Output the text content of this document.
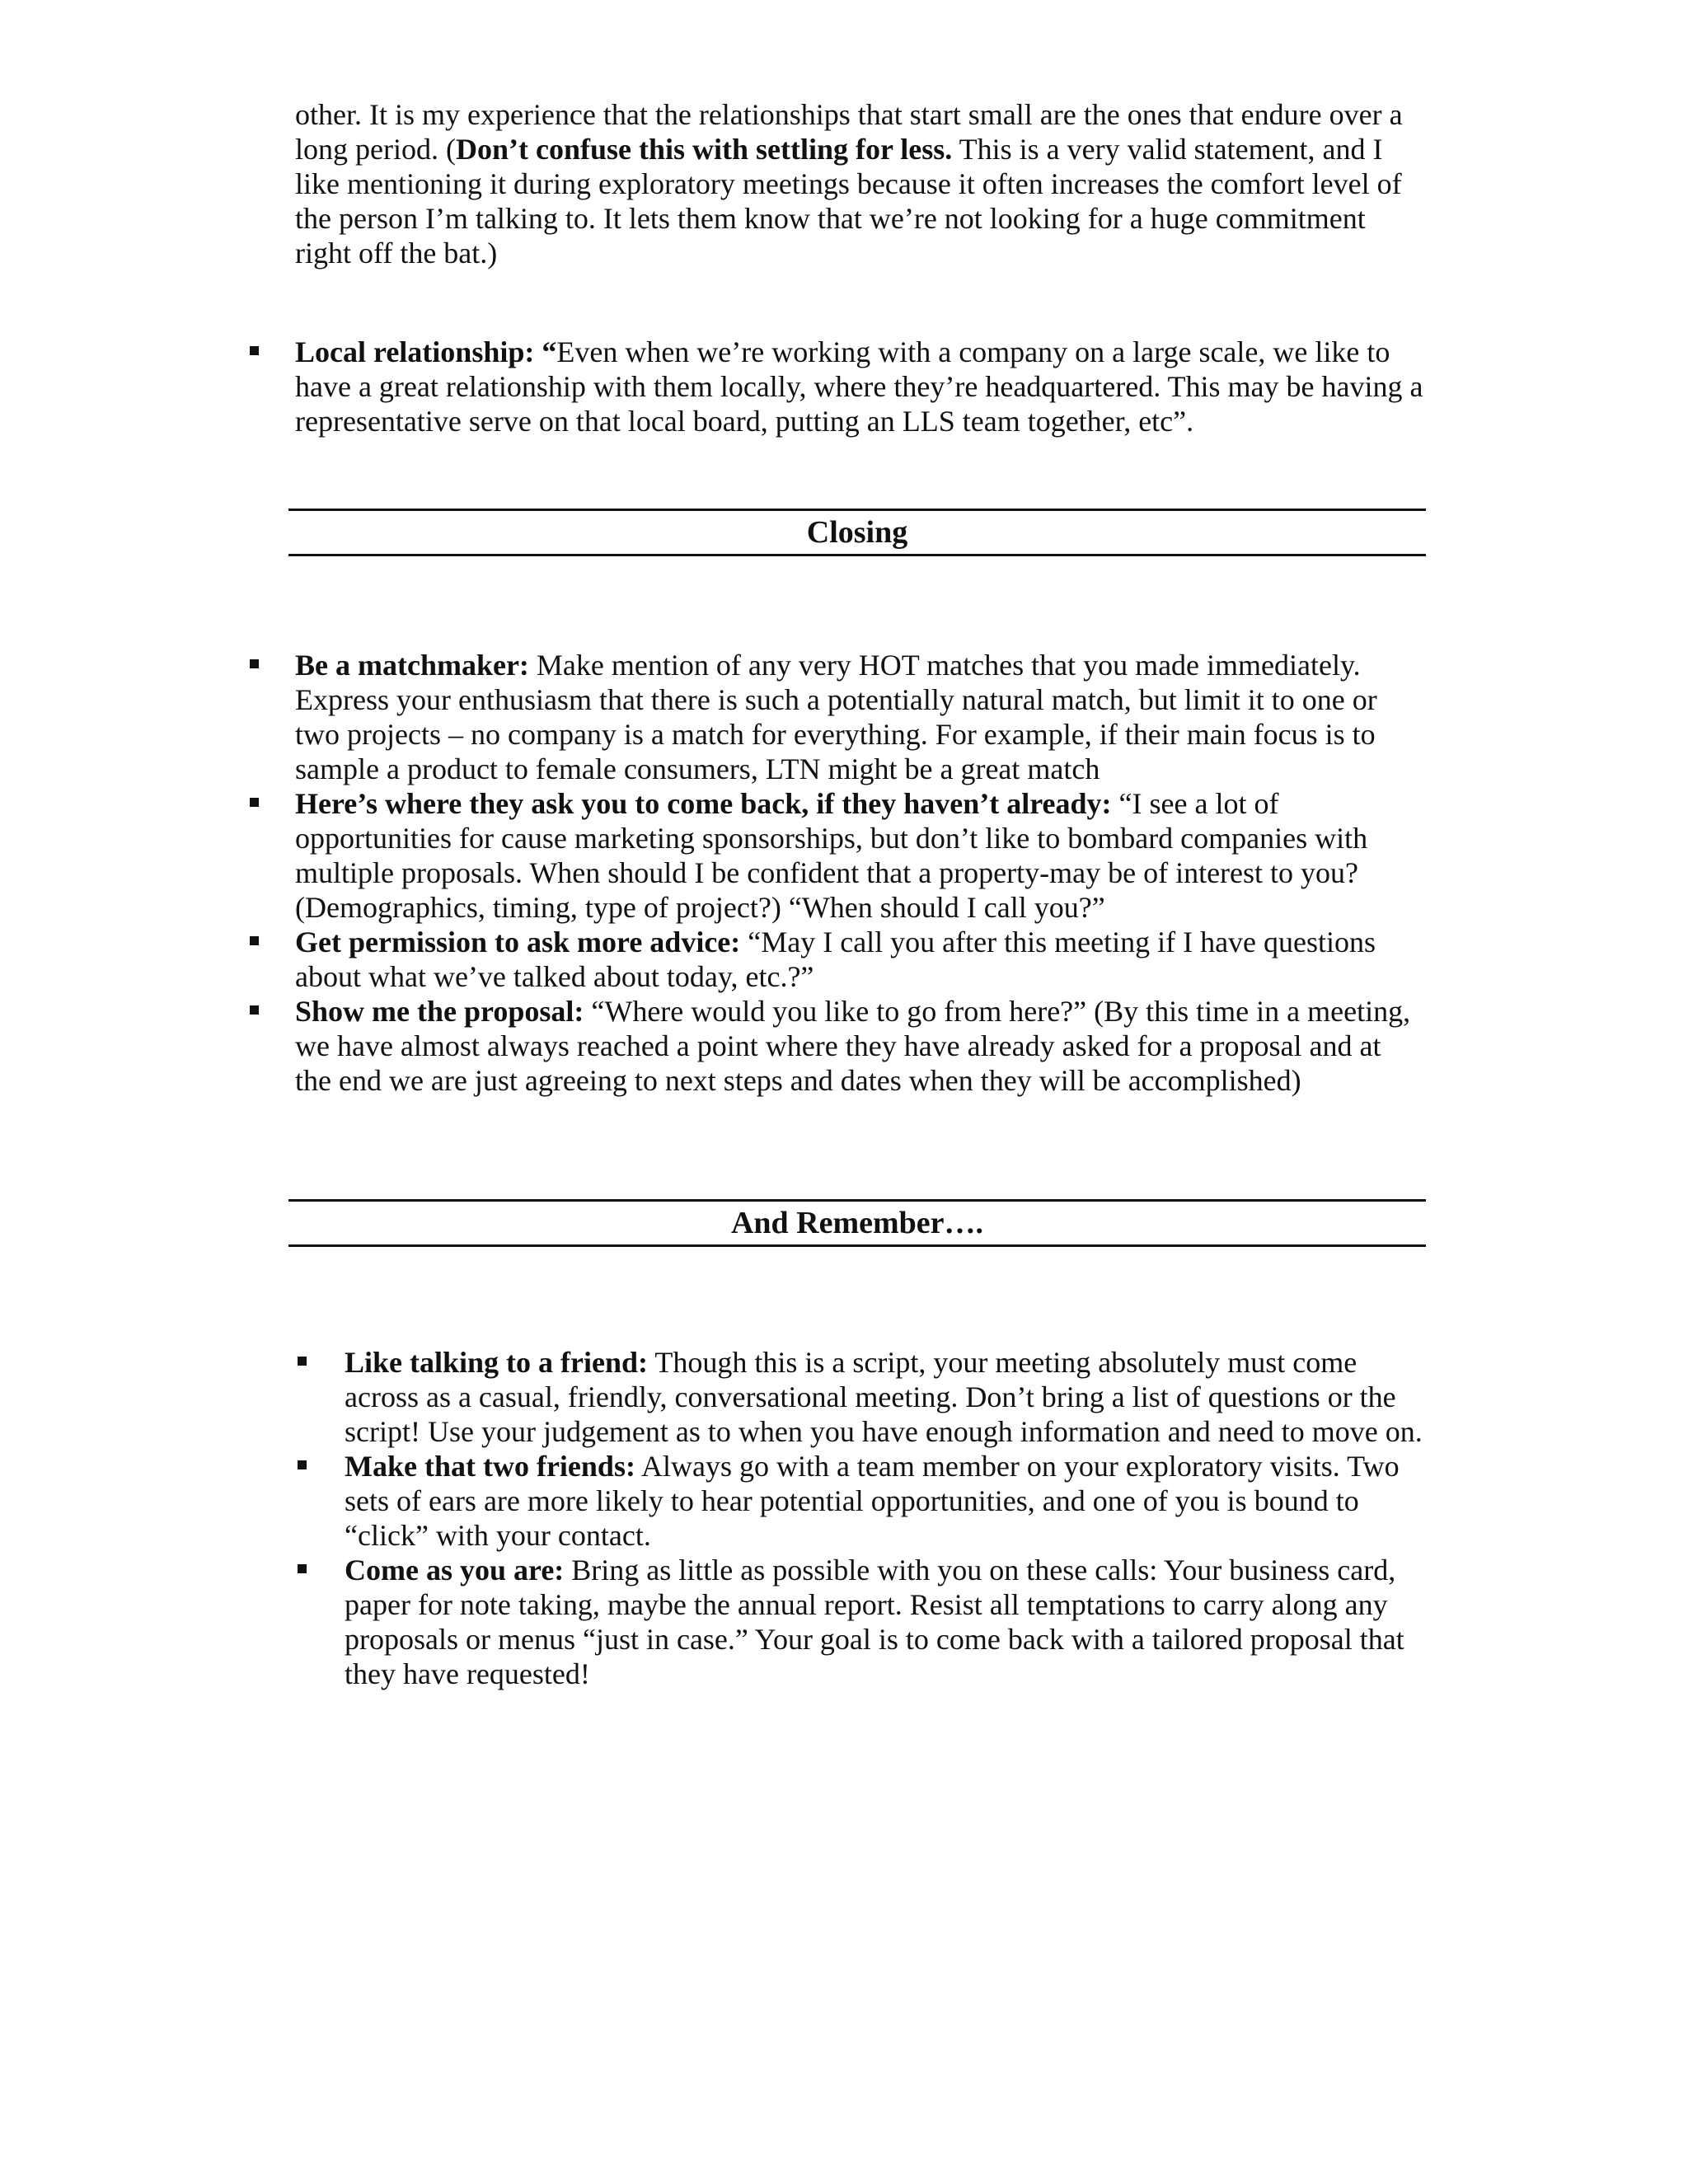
other. It is my experience that the relationships that start small are the ones that endure over a long period. (Don’t confuse this with settling for less. This is a very valid statement, and I like mentioning it during exploratory meetings because it often increases the comfort level of the person I’m talking to. It lets them know that we’re not looking for a huge commitment right off the bat.)

Local relationship: “Even when we’re working with a company on a large scale, we like to have a great relationship with them locally, where they’re headquartered. This may be having a representative serve on that local board, putting an LLS team together, etc”.
Closing
Be a matchmaker: Make mention of any very HOT matches that you made immediately. Express your enthusiasm that there is such a potentially natural match, but limit it to one or two projects – no company is a match for everything. For example, if their main focus is to sample a product to female consumers, LTN might be a great match
Here’s where they ask you to come back, if they haven’t already: “I see a lot of opportunities for cause marketing sponsorships, but don’t like to bombard companies with multiple proposals. When should I be confident that a property-may be of interest to you? (Demographics, timing, type of project?) “When should I call you?”
Get permission to ask more advice: “May I call you after this meeting if I have questions about what we’ve talked about today, etc.?”
Show me the proposal: “Where would you like to go from here?” (By this time in a meeting, we have almost always reached a point where they have already asked for a proposal and at the end we are just agreeing to next steps and dates when they will be accomplished)
And Remember….
Like talking to a friend: Though this is a script, your meeting absolutely must come across as a casual, friendly, conversational meeting. Don’t bring a list of questions or the script! Use your judgement as to when you have enough information and need to move on.
Make that two friends: Always go with a team member on your exploratory visits. Two sets of ears are more likely to hear potential opportunities, and one of you is bound to “click” with your contact.
Come as you are: Bring as little as possible with you on these calls: Your business card, paper for note taking, maybe the annual report. Resist all temptations to carry along any proposals or menus “just in case.” Your goal is to come back with a tailored proposal that they have requested!
